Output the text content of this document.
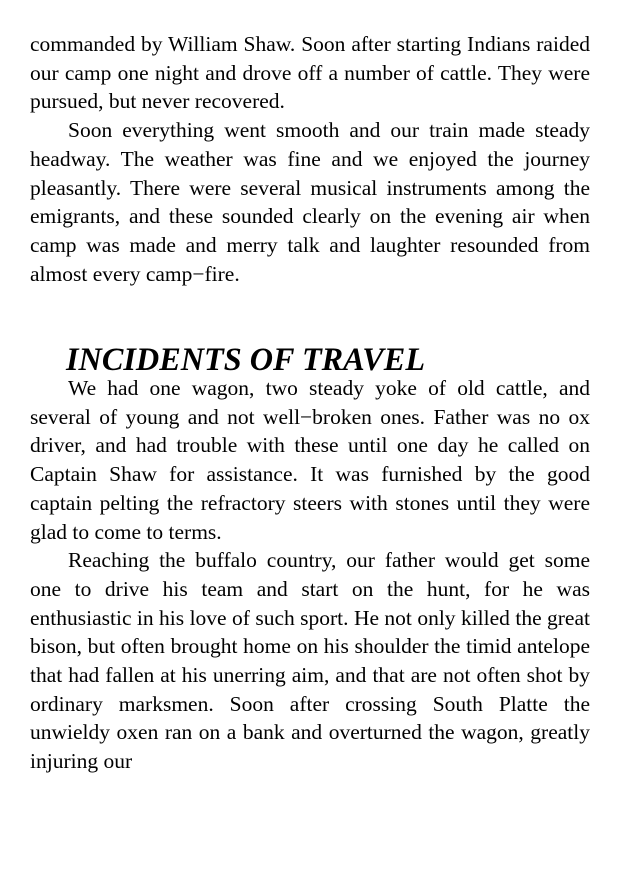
commanded by William Shaw. Soon after starting Indians raided our camp one night and drove off a number of cattle. They were pursued, but never recovered.

Soon everything went smooth and our train made steady headway. The weather was fine and we enjoyed the journey pleasantly. There were several musical instruments among the emigrants, and these sounded clearly on the evening air when camp was made and merry talk and laughter resounded from almost every camp−fire.

INCIDENTS OF TRAVEL

We had one wagon, two steady yoke of old cattle, and several of young and not well−broken ones. Father was no ox driver, and had trouble with these until one day he called on Captain Shaw for assistance. It was furnished by the good captain pelting the refractory steers with stones until they were glad to come to terms.

Reaching the buffalo country, our father would get some one to drive his team and start on the hunt, for he was enthusiastic in his love of such sport. He not only killed the great bison, but often brought home on his shoulder the timid antelope that had fallen at his unerring aim, and that are not often shot by ordinary marksmen. Soon after crossing South Platte the unwieldy oxen ran on a bank and overturned the wagon, greatly injuring our
